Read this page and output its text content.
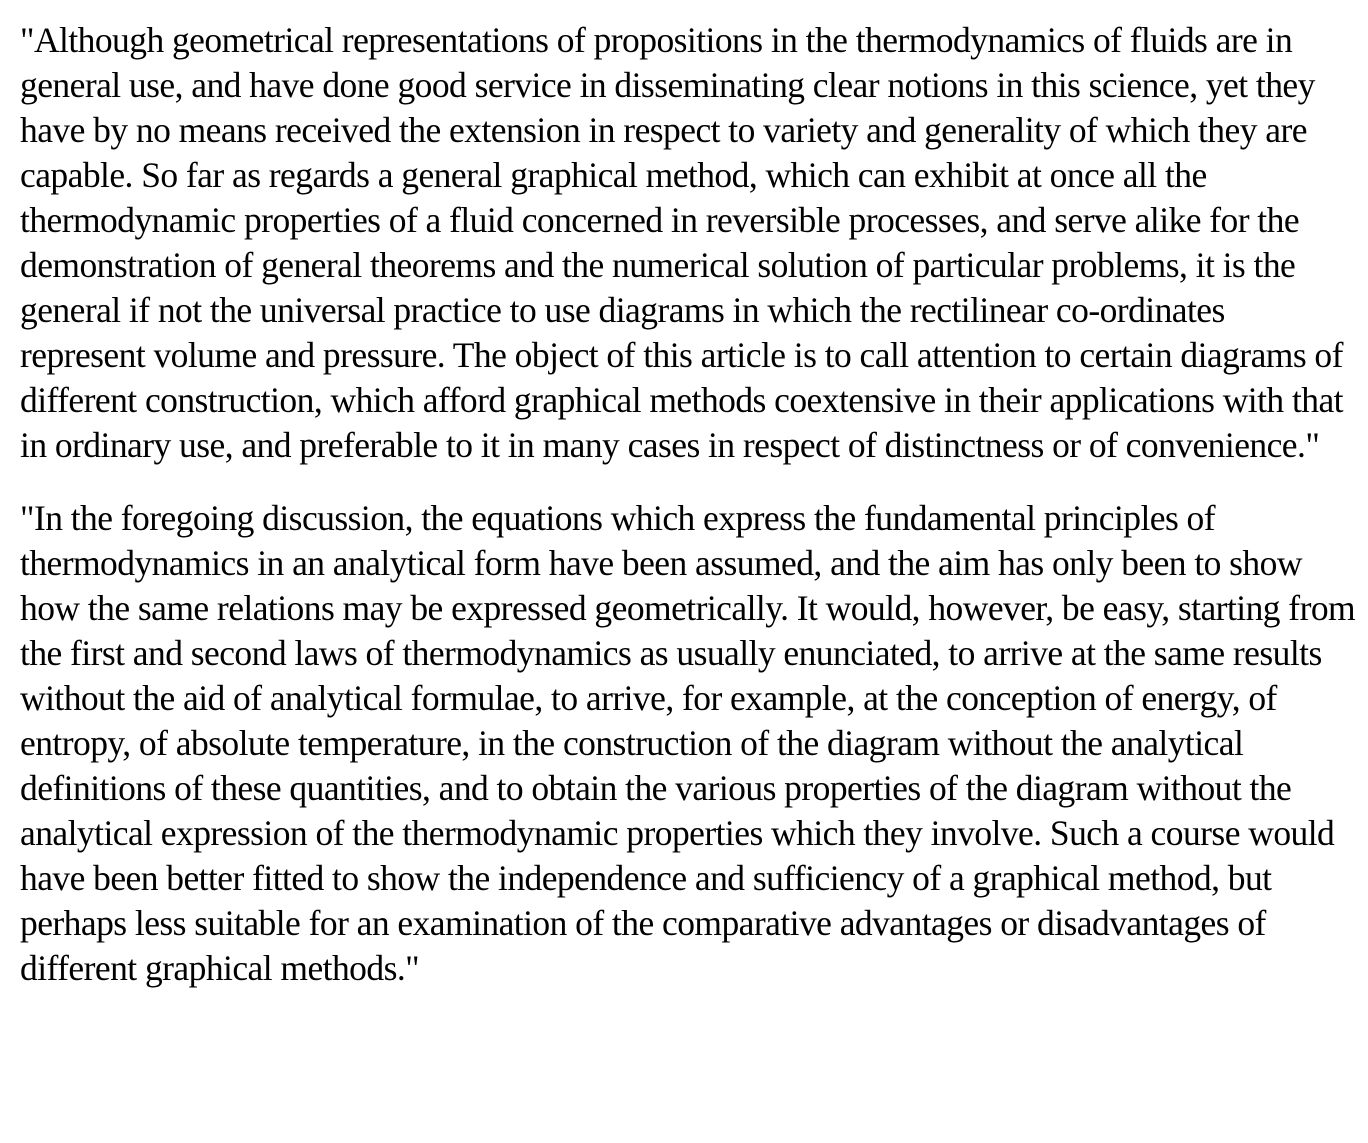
"Although geometrical representations of propositions in the thermodynamics of fluids are in general use, and have done good service in disseminating clear notions in this science, yet they have by no means received the extension in respect to variety and generality of which they are capable. So far as regards a general graphical method, which can exhibit at once all the thermodynamic properties of a fluid concerned in reversible processes, and serve alike for the demonstration of general theorems and the numerical solution of particular problems, it is the general if not the universal practice to use diagrams in which the rectilinear co-ordinates represent volume and pressure. The object of this article is to call attention to certain diagrams of different construction, which afford graphical methods coextensive in their applications with that in ordinary use, and preferable to it in many cases in respect of distinctness or of convenience."

"In the foregoing discussion, the equations which express the fundamental principles of thermodynamics in an analytical form have been assumed, and the aim has only been to show how the same relations may be expressed geometrically. It would, however, be easy, starting from the first and second laws of thermodynamics as usually enunciated, to arrive at the same results without the aid of analytical formulae, to arrive, for example, at the conception of energy, of entropy, of absolute temperature, in the construction of the diagram without the analytical definitions of these quantities, and to obtain the various properties of the diagram without the analytical expression of the thermodynamic properties which they involve. Such a course would have been better fitted to show the independence and sufficiency of a graphical method, but perhaps less suitable for an examination of the comparative advantages or disadvantages of different graphical methods."
